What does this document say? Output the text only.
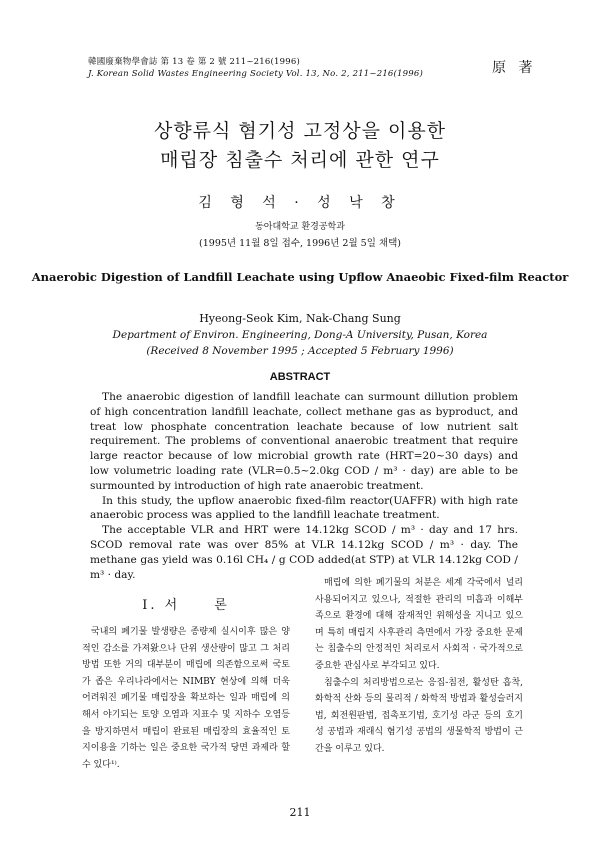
韓國廢棄物學會誌 第 13 卷 第 2 號 211~216(1996)
J. Korean Solid Wastes Engineering Society Vol. 13, No. 2, 211~216(1996)	原 著
상향류식 혐기성 고정상을 이용한
매립장 침출수 처리에 관한 연구
김 형 석 · 성 낙 창
동아대학교 환경공학과
(1995년 11월 8일 접수, 1996년 2월 5일 채택)
Anaerobic Digestion of Landfill Leachate using Upflow Anaeobic Fixed-film Reactor
Hyeong-Seok Kim, Nak-Chang Sung
Department of Environ. Engineering, Dong-A University, Pusan, Korea
(Received 8 November 1995 ; Accepted 5 February 1996)
ABSTRACT

The anaerobic digestion of landfill leachate can surmount dillution problem of high concentration landfill leachate, collect methane gas as byproduct, and treat low phosphate concentration leachate because of low nutrient salt requirement. The problems of conventional anaerobic treatment that require large reactor because of low microbial growth rate (HRT=20~30 days) and low volumetric loading rate (VLR=0.5~2.0kg COD / m³ · day) are able to be surmounted by introduction of high rate anaerobic treatment.

In this study, the upflow anaerobic fixed-film reactor(UAFFR) with high rate anaerobic process was applied to the landfill leachate treatment.

The acceptable VLR and HRT were 14.12kg SCOD / m³ · day and 17 hrs. SCOD removal rate was over 85% at VLR 14.12kg SCOD / m³ · day. The methane gas yield was 0.16l CH₄ / g COD added(at STP) at VLR 14.12kg COD / m³ · day.

I. 서	론

국내의 폐기물 발생량은 종량제 실시이후 많은 양적인 감소를 가져왔으나 단위 생산량이 많고 그 처리 방법 또한 거의 대부분이 매립에 의존함으로써 국토가 좁은 우리나라에서는 NIMBY 현상에 의해 더욱 어려워진 폐기물 매립장을 확보하는 일과 매립에 의해서 야기되는 토양 오염과 지표수 및 지하수 오염등을 방지하면서 매립이 완료된 매립장의 효율적인 토지이용을 기하는 일은 중요한 국가적 당면 과제라 할 수 있다¹⁾.

매립에 의한 폐기물의 처분은 세계 각국에서 널리 사용되어지고 있으나, 적절한 관리의 미흡과 이해부족으로 환경에 대해 잠재적인 위해성을 지니고 있으며 특히 매립지 사후관리 측면에서 가장 중요한 문제는 침출수의 안정적인 처리로서 사회적 · 국가적으로 중요한 관심사로 부각되고 있다.

침출수의 처리방법으로는 응집-침전, 활성탄 흡착, 화학적 산화 등의 물리적 / 화학적 방법과 활성슬러지법, 회전원판법, 접촉포기법, 호기성 라군 등의 호기성 공법과 재래식 혐기성 공법의 생물학적 방법이 근간을 이루고 있다.

211
